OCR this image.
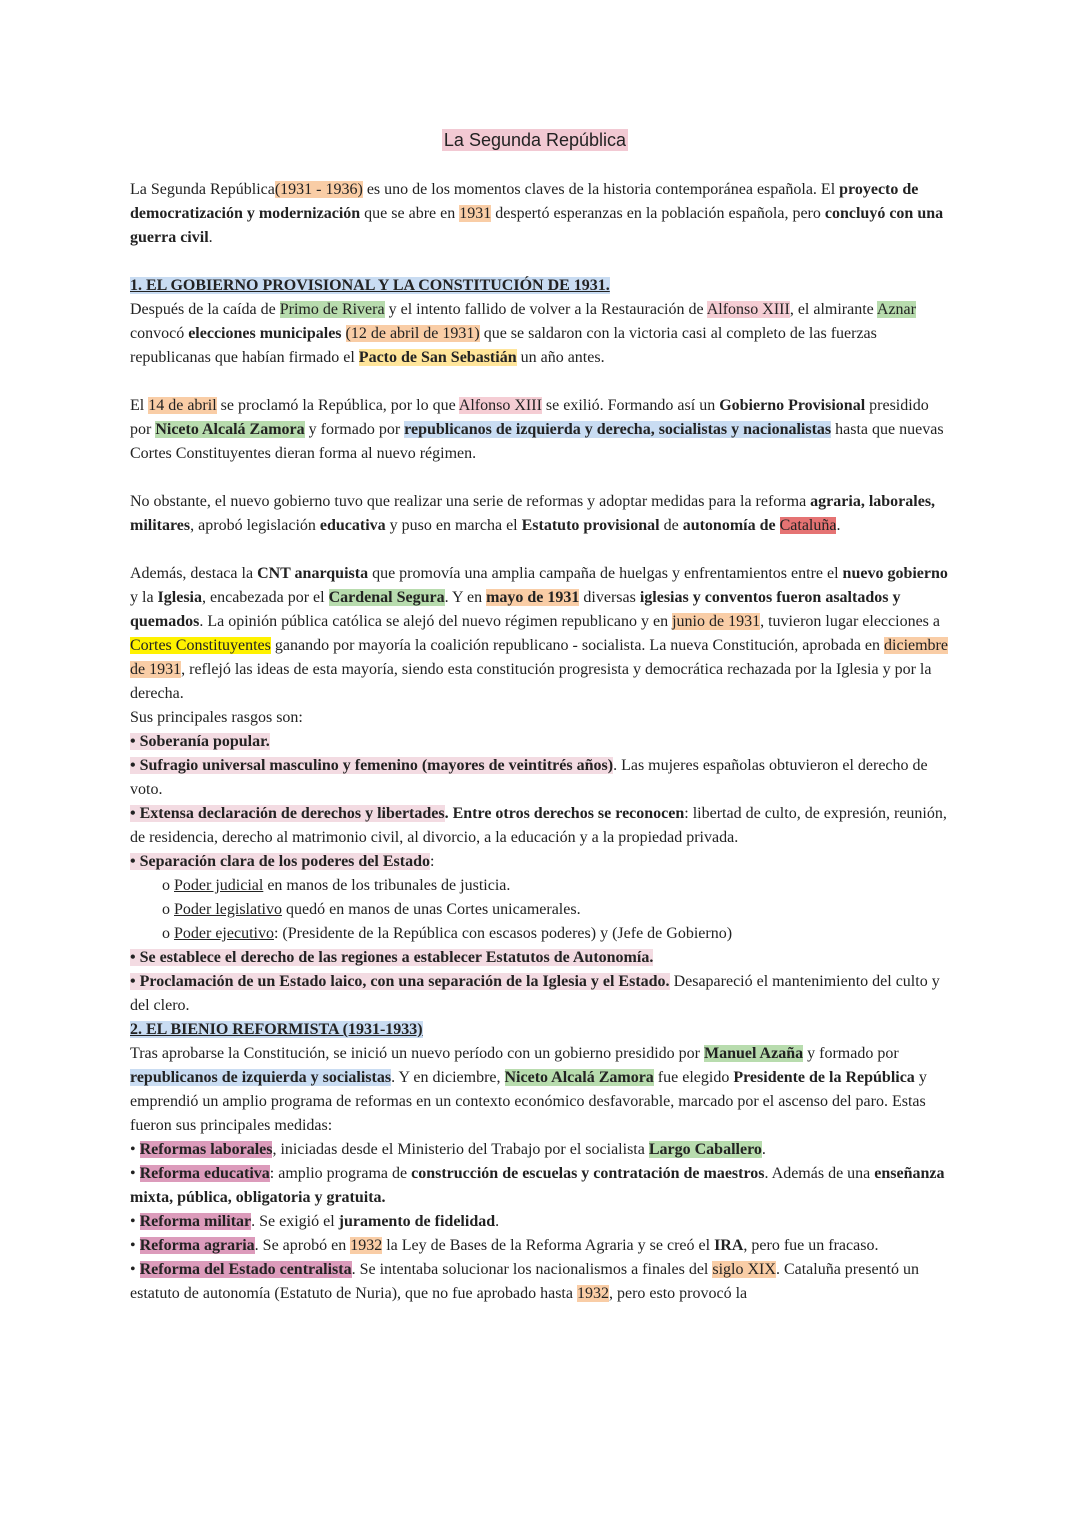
La Segunda República

La Segunda República(1931 - 1936) es uno de los momentos claves de la historia contemporánea española. El proyecto de democratización y modernización que se abre en 1931 despertó esperanzas en la población española, pero concluyó con una guerra civil.

1. EL GOBIERNO PROVISIONAL Y LA CONSTITUCIÓN DE 1931.

Después de la caída de Primo de Rivera y el intento fallido de volver a la Restauración de Alfonso XIII, el almirante Aznar convocó elecciones municipales (12 de abril de 1931) que se saldaron con la victoria casi al completo de las fuerzas republicanas que habían firmado el Pacto de San Sebastián un año antes.

El 14 de abril se proclamó la República, por lo que Alfonso XIII se exilió. Formando así un Gobierno Provisional presidido por Niceto Alcalá Zamora y formado por republicanos de izquierda y derecha, socialistas y nacionalistas hasta que nuevas Cortes Constituyentes dieran forma al nuevo régimen.

No obstante, el nuevo gobierno tuvo que realizar una serie de reformas y adoptar medidas para la reforma agraria, laborales, militares, aprobó legislación educativa y puso en marcha el Estatuto provisional de autonomía de Cataluña.

Además, destaca la CNT anarquista que promovía una amplia campaña de huelgas y enfrentamientos entre el nuevo gobierno y la Iglesia, encabezada por el Cardenal Segura. Y en mayo de 1931 diversas iglesias y conventos fueron asaltados y quemados. La opinión pública católica se alejó del nuevo régimen republicano y en junio de 1931, tuvieron lugar elecciones a Cortes Constituyentes ganando por mayoría la coalición republicano - socialista. La nueva Constitución, aprobada en diciembre de 1931, reflejó las ideas de esta mayoría, siendo esta constitución progresista y democrática rechazada por la Iglesia y por la derecha.

Sus principales rasgos son:

• Soberanía popular.

• Sufragio universal masculino y femenino (mayores de veintitrés años). Las mujeres españolas obtuvieron el derecho de voto.

• Extensa declaración de derechos y libertades. Entre otros derechos se reconocen: libertad de culto, de expresión, reunión, de residencia, derecho al matrimonio civil, al divorcio, a la educación y a la propiedad privada.

• Separación clara de los poderes del Estado:

o Poder judicial en manos de los tribunales de justicia.

o Poder legislativo quedó en manos de unas Cortes unicamerales.

o Poder ejecutivo: (Presidente de la República con escasos poderes) y (Jefe de Gobierno)

• Se establece el derecho de las regiones a establecer Estatutos de Autonomía.

• Proclamación de un Estado laico, con una separación de la Iglesia y el Estado. Desapareció el mantenimiento del culto y del clero.

2. EL BIENIO REFORMISTA (1931-1933)

Tras aprobarse la Constitución, se inició un nuevo período con un gobierno presidido por Manuel Azaña y formado por republicanos de izquierda y socialistas. Y en diciembre, Niceto Alcalá Zamora fue elegido Presidente de la República y emprendió un amplio programa de reformas en un contexto económico desfavorable, marcado por el ascenso del paro. Estas fueron sus principales medidas:

• Reformas laborales, iniciadas desde el Ministerio del Trabajo por el socialista Largo Caballero.

• Reforma educativa: amplio programa de construcción de escuelas y contratación de maestros. Además de una enseñanza mixta, pública, obligatoria y gratuita.

• Reforma militar. Se exigió el juramento de fidelidad.

• Reforma agraria. Se aprobó en 1932 la Ley de Bases de la Reforma Agraria y se creó el IRA, pero fue un fracaso.

• Reforma del Estado centralista. Se intentaba solucionar los nacionalismos a finales del siglo XIX. Cataluña presentó un estatuto de autonomía (Estatuto de Nuria), que no fue aprobado hasta 1932, pero esto provocó la
